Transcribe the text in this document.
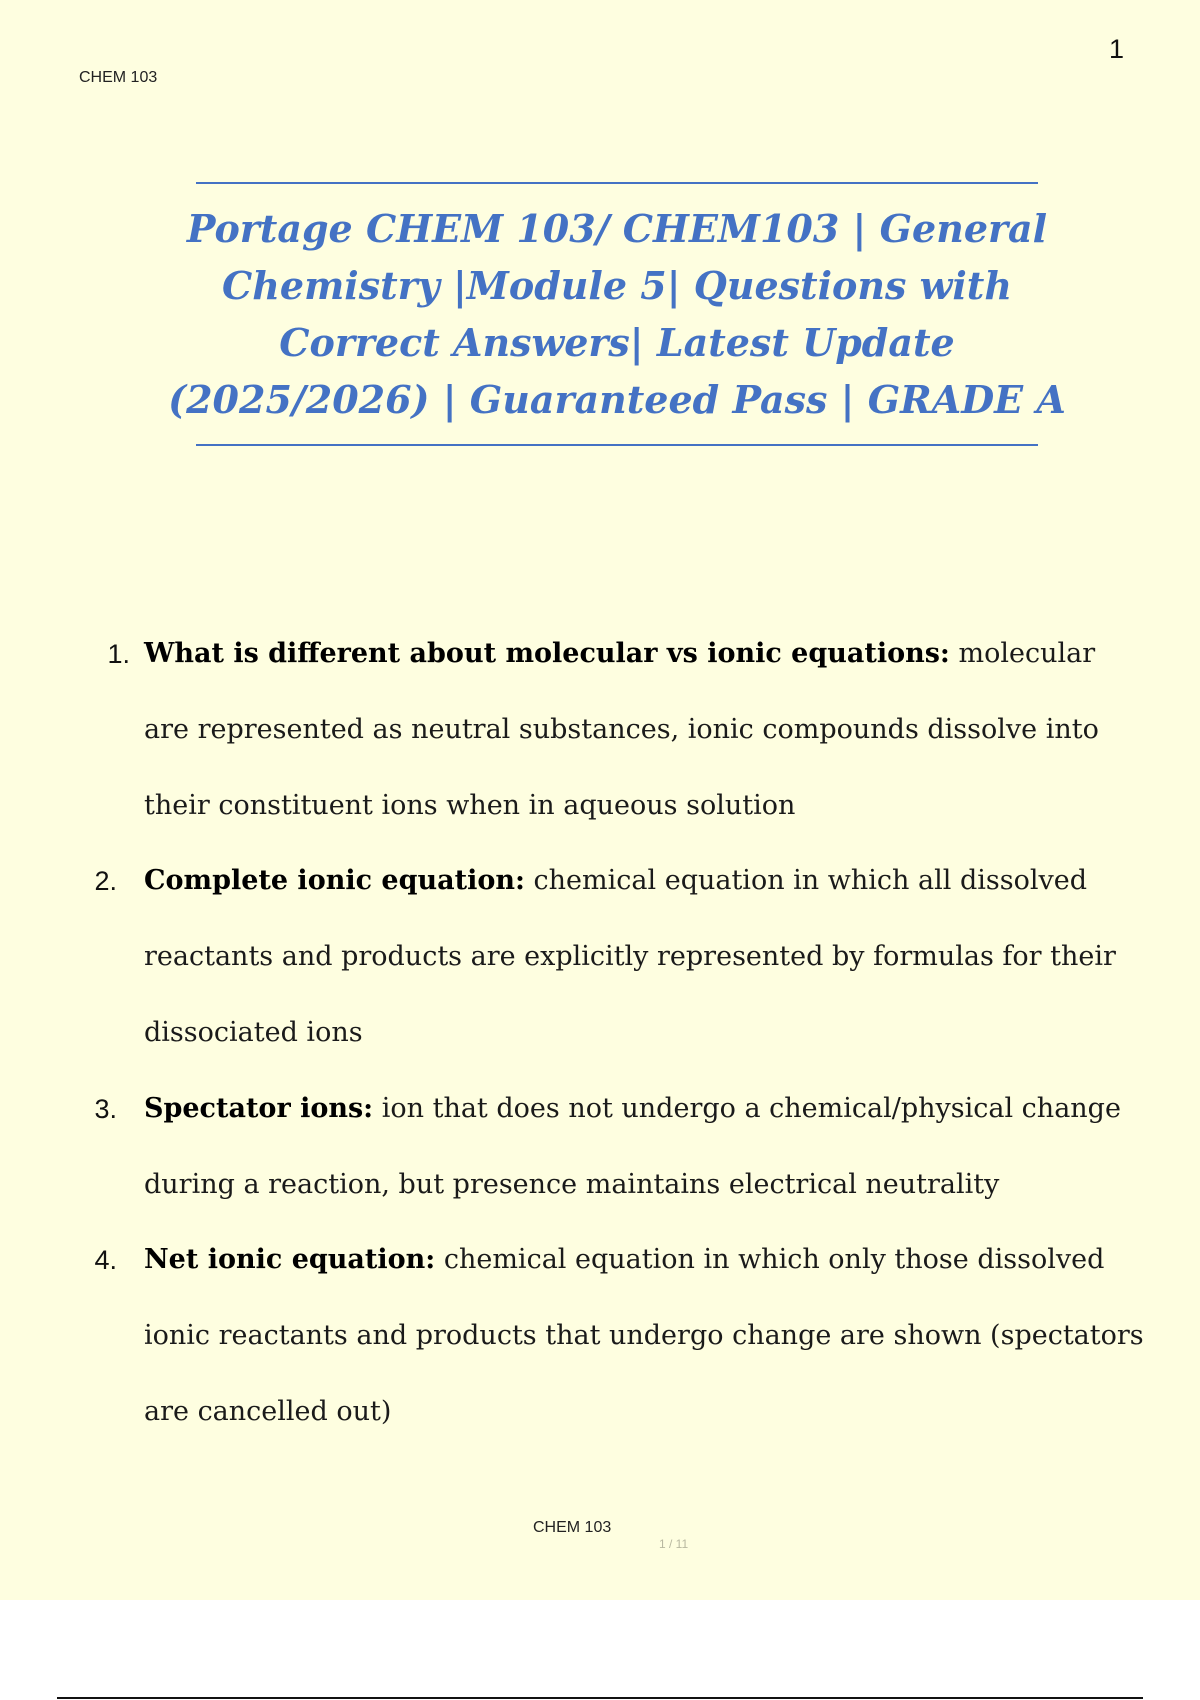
CHEM 103
1
Portage CHEM 103/ CHEM103 | General
Chemistry |Module 5| Questions with
Correct Answers| Latest Update
(2025/2026) | Guaranteed Pass | GRADE A
1. What is different about molecular vs ionic equations: molecular are represented as neutral substances, ionic compounds dissolve into their constituent ions when in aqueous solution
2. Complete ionic equation: chemical equation in which all dissolved reactants and products are explicitly represented by formulas for their dissociated ions
3. Spectator ions: ion that does not undergo a chemical/physical change during a reaction, but presence maintains electrical neutrality
4. Net ionic equation: chemical equation in which only those dissolved ionic reactants and products that undergo change are shown (spectators are cancelled out)
CHEM 103
1 / 11
